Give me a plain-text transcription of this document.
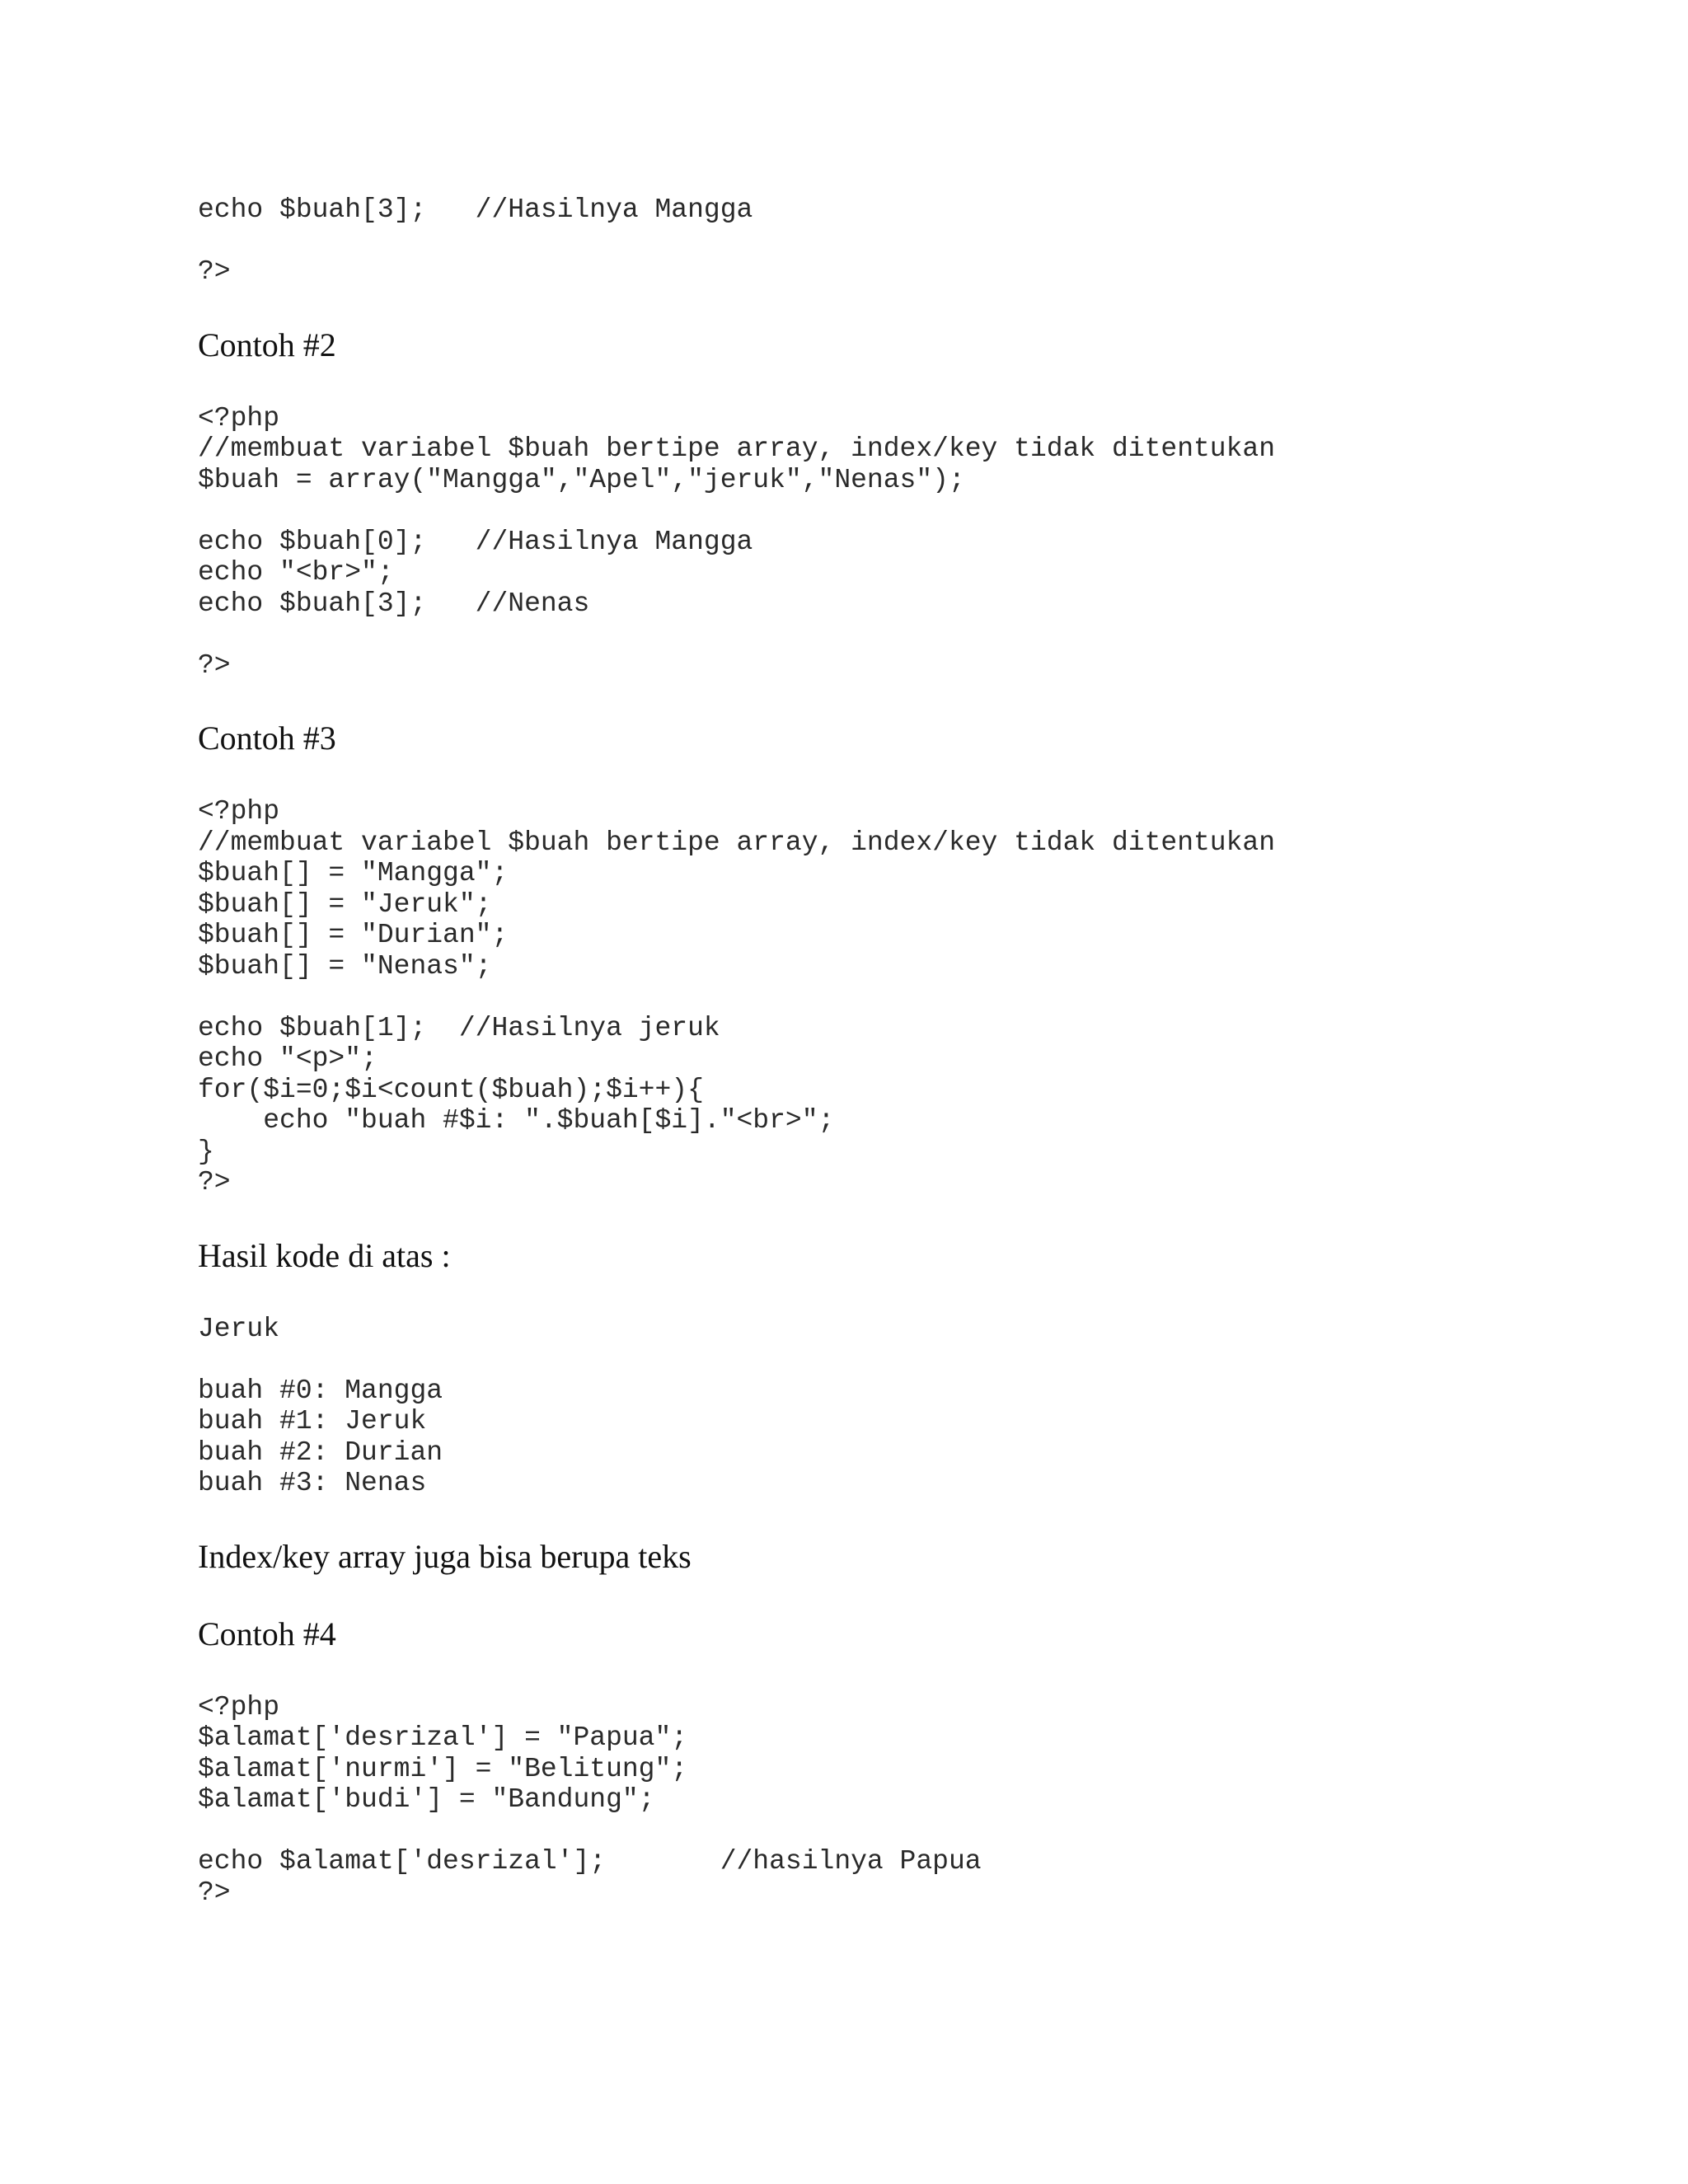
echo $buah[3];   //Hasilnya Mangga

?>

Contoh #2

<?php
//membuat variabel $buah bertipe array, index/key tidak ditentukan
$buah = array("Mangga","Apel","jeruk","Nenas");

echo $buah[0];   //Hasilnya Mangga
echo "<br>";
echo $buah[3];   //Nenas

?>

Contoh #3

<?php
//membuat variabel $buah bertipe array, index/key tidak ditentukan
$buah[] = "Mangga";
$buah[] = "Jeruk";
$buah[] = "Durian";
$buah[] = "Nenas";

echo $buah[1];  //Hasilnya jeruk
echo "<p>";
for($i=0;$i<count($buah);$i++){
echo "buah #$i: ".$buah[$i]."<br>";
}
?>

Hasil kode di atas :

Jeruk

buah #0: Mangga
buah #1: Jeruk
buah #2: Durian
buah #3: Nenas

Index/key array juga bisa berupa teks

Contoh #4

<?php
$alamat['desrizal'] = "Papua";
$alamat['nurmi'] = "Belitung";
$alamat['budi'] = "Bandung";

echo $alamat['desrizal'];       //hasilnya Papua
?>
